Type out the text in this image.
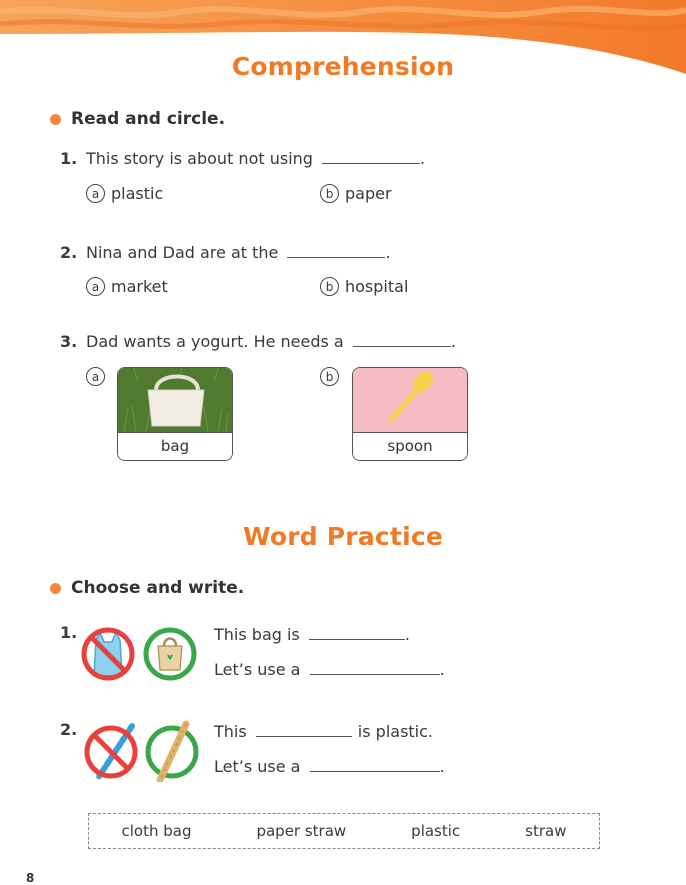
Comprehension
Read and circle.
1. This story is about not using	.
a plastic	b paper
2. Nina and Dad are at the	.
a market	b hospital
3. Dad wants a yogurt. He needs a	.
a
bag
b
spoon
Word Practice
Choose and write.
1.	This bag is	.
Let’s use a	.
2.	This	is plastic.
Let’s use a	.
cloth bag	paper straw	plastic	straw
8
